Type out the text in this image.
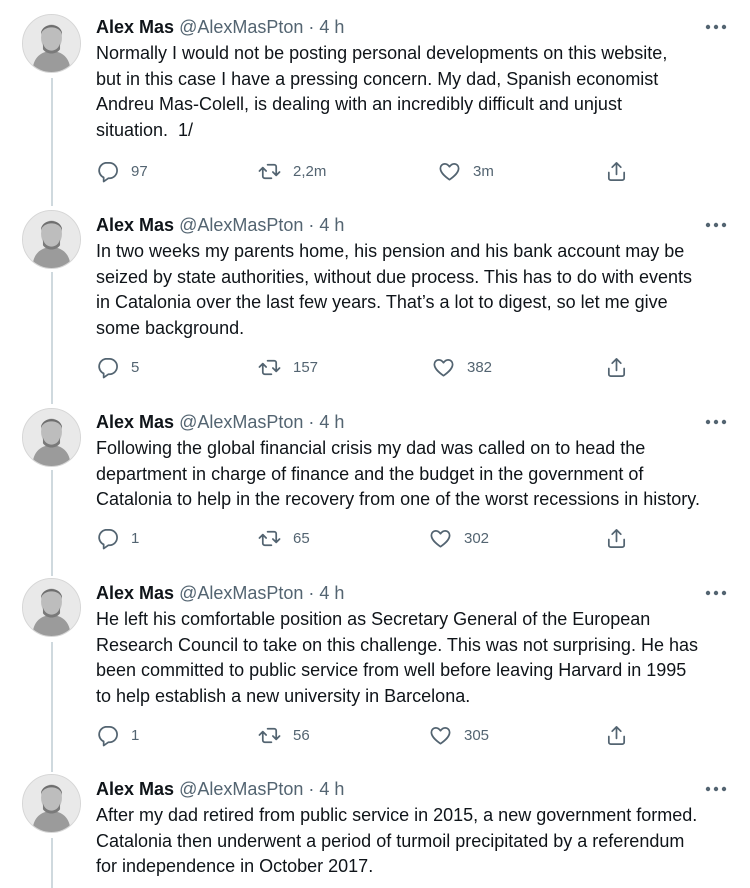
Alex Mas @AlexMasPton · 4 h
Normally I would not be posting personal developments on this website,
but in this case I have a pressing concern. My dad, Spanish economist
Andreu Mas-Colell, is dealing with an incredibly difficult and unjust
situation.  1/
97	2,2m	3m
Alex Mas @AlexMasPton · 4 h
In two weeks my parents home, his pension and his bank account may be
seized by state authorities, without due process. This has to do with events
in Catalonia over the last few years. That’s a lot to digest, so let me give
some background.
5	157	382
Alex Mas @AlexMasPton · 4 h
Following the global financial crisis my dad was called on to head the
department in charge of finance and the budget in the government of
Catalonia to help in the recovery from one of the worst recessions in history.
1	65	302
Alex Mas @AlexMasPton · 4 h
He left his comfortable position as Secretary General of the European
Research Council to take on this challenge. This was not surprising. He has
been committed to public service from well before leaving Harvard in 1995
to help establish a new university in Barcelona.
1	56	305
Alex Mas @AlexMasPton · 4 h
After my dad retired from public service in 2015, a new government formed.
Catalonia then underwent a period of turmoil precipitated by a referendum
for independence in October 2017.
